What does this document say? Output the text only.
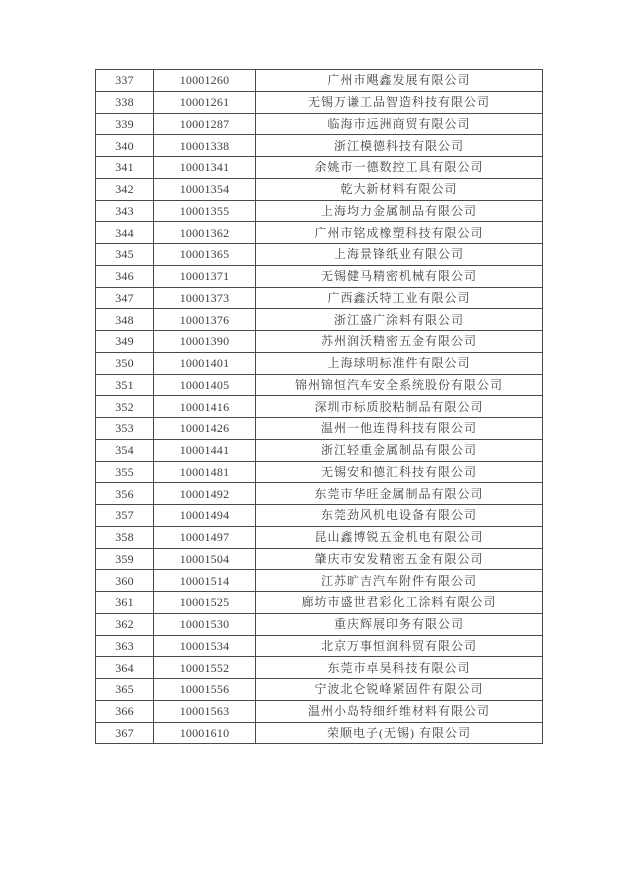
337	10001260	广州市飓鑫发展有限公司
338	10001261	无锡万谦工品智造科技有限公司
339	10001287	临海市远洲商贸有限公司
340	10001338	浙江模德科技有限公司
341	10001341	余姚市一德数控工具有限公司
342	10001354	乾大新材料有限公司
343	10001355	上海均力金属制品有限公司
344	10001362	广州市铭成橡塑科技有限公司
345	10001365	上海景锋纸业有限公司
346	10001371	无锡健马精密机械有限公司
347	10001373	广西鑫沃特工业有限公司
348	10001376	浙江盛广涂料有限公司
349	10001390	苏州润沃精密五金有限公司
350	10001401	上海球明标准件有限公司
351	10001405	锦州锦恒汽车安全系统股份有限公司
352	10001416	深圳市标质胶粘制品有限公司
353	10001426	温州一他连得科技有限公司
354	10001441	浙江轻重金属制品有限公司
355	10001481	无锡安和德汇科技有限公司
356	10001492	东莞市华旺金属制品有限公司
357	10001494	东莞劲风机电设备有限公司
358	10001497	昆山鑫博锐五金机电有限公司
359	10001504	肇庆市安发精密五金有限公司
360	10001514	江苏旷吉汽车附件有限公司
361	10001525	廊坊市盛世君彩化工涂料有限公司
362	10001530	重庆辉展印务有限公司
363	10001534	北京万事恒润科贸有限公司
364	10001552	东莞市卓昊科技有限公司
365	10001556	宁波北仑锐峰紧固件有限公司
366	10001563	温州小岛特细纤维材料有限公司
367	10001610	荣顺电子(无锡) 有限公司
